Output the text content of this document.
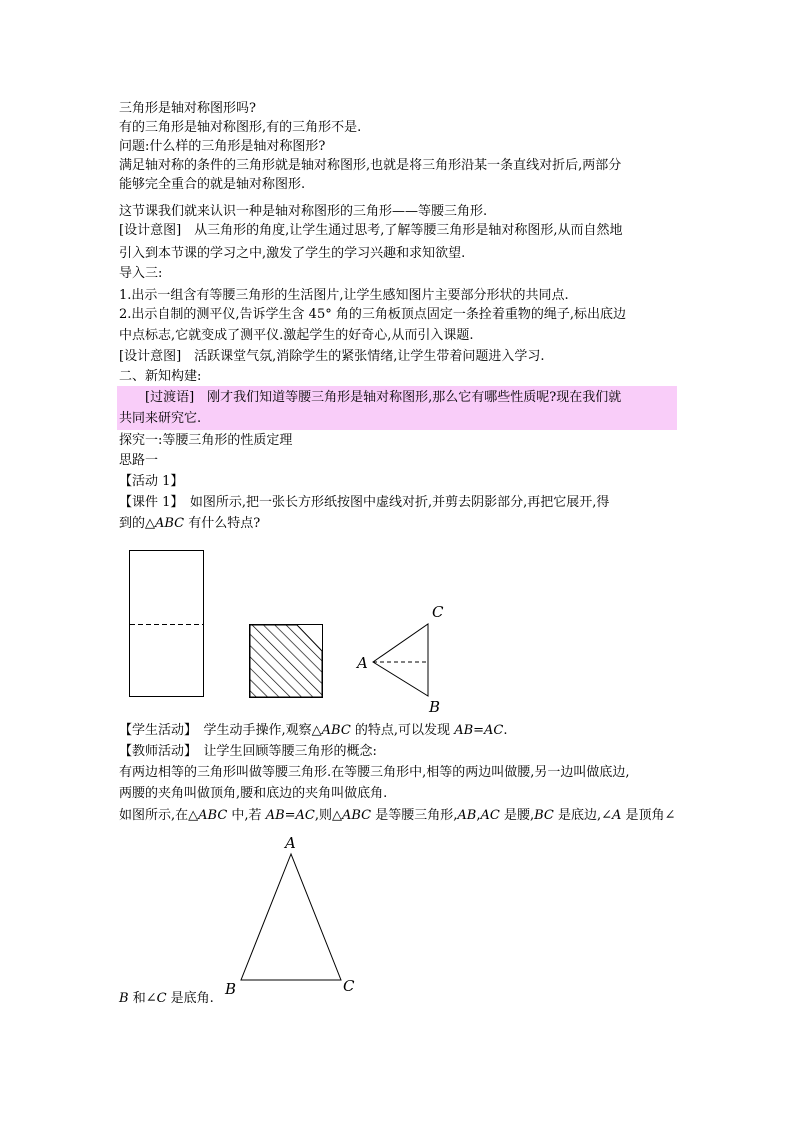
三角形是轴对称图形吗?
有的三角形是轴对称图形,有的三角形不是.
问题:什么样的三角形是轴对称图形?
满足轴对称的条件的三角形就是轴对称图形,也就是将三角形沿某一条直线对折后,两部分
能够完全重合的就是轴对称图形.
这节课我们就来认识一种是轴对称图形的三角形——等腰三角形.
[设计意图]　从三角形的角度,让学生通过思考,了解等腰三角形是轴对称图形,从而自然地
引入到本节课的学习之中,激发了学生的学习兴趣和求知欲望.
导入三:
1.出示一组含有等腰三角形的生活图片,让学生感知图片主要部分形状的共同点.
2.出示自制的测平仪,告诉学生含 45° 角的三角板顶点固定一条拴着重物的绳子,标出底边
中点标志,它就变成了测平仪.激起学生的好奇心,从而引入课题.
[设计意图]　活跃课堂气氛,消除学生的紧张情绪,让学生带着问题进入学习.
二、新知构建:
　　[过渡语]　刚才我们知道等腰三角形是轴对称图形,那么它有哪些性质呢?现在我们就
共同来研究它.
探究一:等腰三角形的性质定理
思路一
【活动 1】
【课件 1】　如图所示,把一张长方形纸按图中虚线对折,并剪去阴影部分,再把它展开,得
到的△ABC 有什么特点?
A
C
B
【学生活动】　学生动手操作,观察△ABC 的特点,可以发现 AB=AC.
【教师活动】　让学生回顾等腰三角形的概念:
有两边相等的三角形叫做等腰三角形.在等腰三角形中,相等的两边叫做腰,另一边叫做底边,
两腰的夹角叫做顶角,腰和底边的夹角叫做底角.
如图所示,在△ABC 中,若 AB=AC,则△ABC 是等腰三角形,AB,AC 是腰,BC 是底边,∠A 是顶角∠
A
B	C
B 和∠C 是底角.
